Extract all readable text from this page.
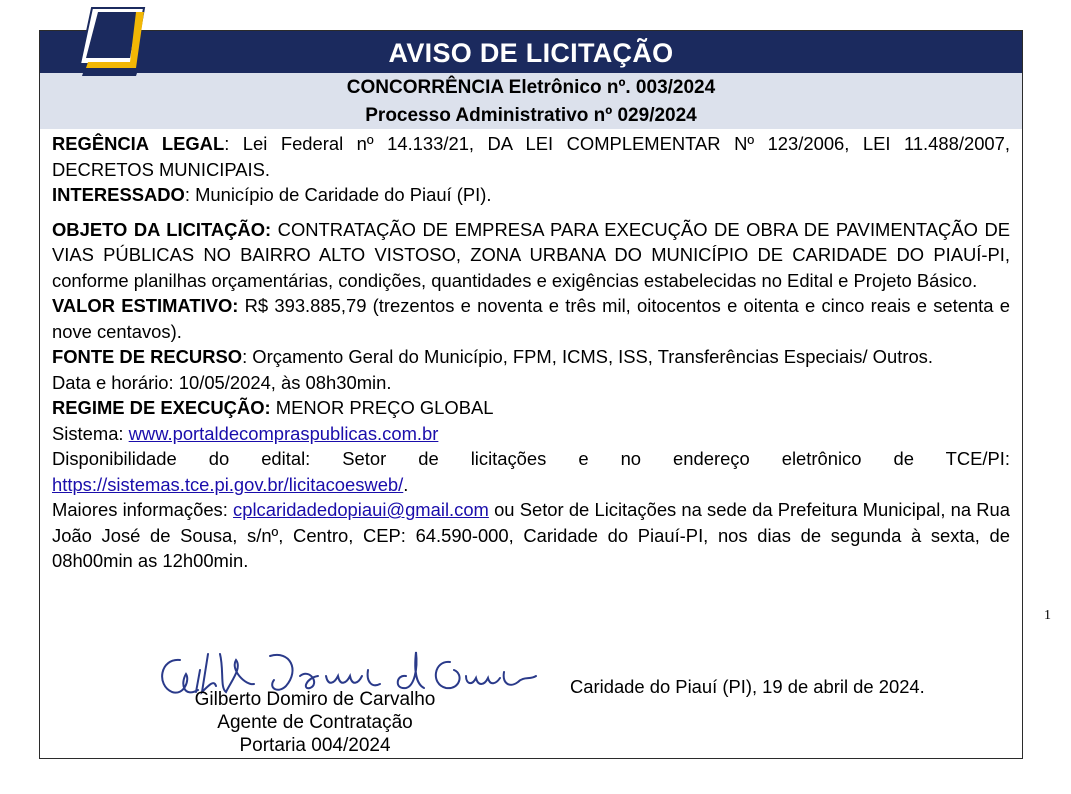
AVISO DE LICITAÇÃO
CONCORRÊNCIA Eletrônico nº. 003/2024
Processo Administrativo nº 029/2024

REGÊNCIA LEGAL: Lei Federal nº 14.133/21, DA LEI COMPLEMENTAR Nº 123/2006, LEI 11.488/2007, DECRETOS MUNICIPAIS.

INTERESSADO: Município de Caridade do Piauí (PI).

OBJETO DA LICITAÇÃO: CONTRATAÇÃO DE EMPRESA PARA EXECUÇÃO DE OBRA DE PAVIMENTAÇÃO DE VIAS PÚBLICAS NO BAIRRO ALTO VISTOSO, ZONA URBANA DO MUNICÍPIO DE CARIDADE DO PIAUÍ-PI, conforme planilhas orçamentárias, condições, quantidades e exigências estabelecidas no Edital e Projeto Básico.

VALOR ESTIMATIVO: R$ 393.885,79 (trezentos e noventa e três mil, oitocentos e oitenta e cinco reais e setenta e nove centavos).

FONTE DE RECURSO: Orçamento Geral do Município, FPM, ICMS, ISS, Transferências Especiais/ Outros.

Data e horário: 10/05/2024, às 08h30min.

REGIME DE EXECUÇÃO: MENOR PREÇO GLOBAL

Sistema: www.portaldecompraspublicas.com.br

Disponibilidade do edital: Setor de licitações e no endereço eletrônico de TCE/PI: https://sistemas.tce.pi.gov.br/licitacoesweb/.

Maiores informações: cplcaridadedopiaui@gmail.com ou Setor de Licitações na sede da Prefeitura Municipal, na Rua João José de Sousa, s/nº, Centro, CEP: 64.590-000, Caridade do Piauí-PI, nos dias de segunda à sexta, de 08h00min as 12h00min.

Gilberto Domiro de Carvalho
Agente de Contratação
Portaria 004/2024
Caridade do Piauí (PI), 19 de abril de 2024.
1
